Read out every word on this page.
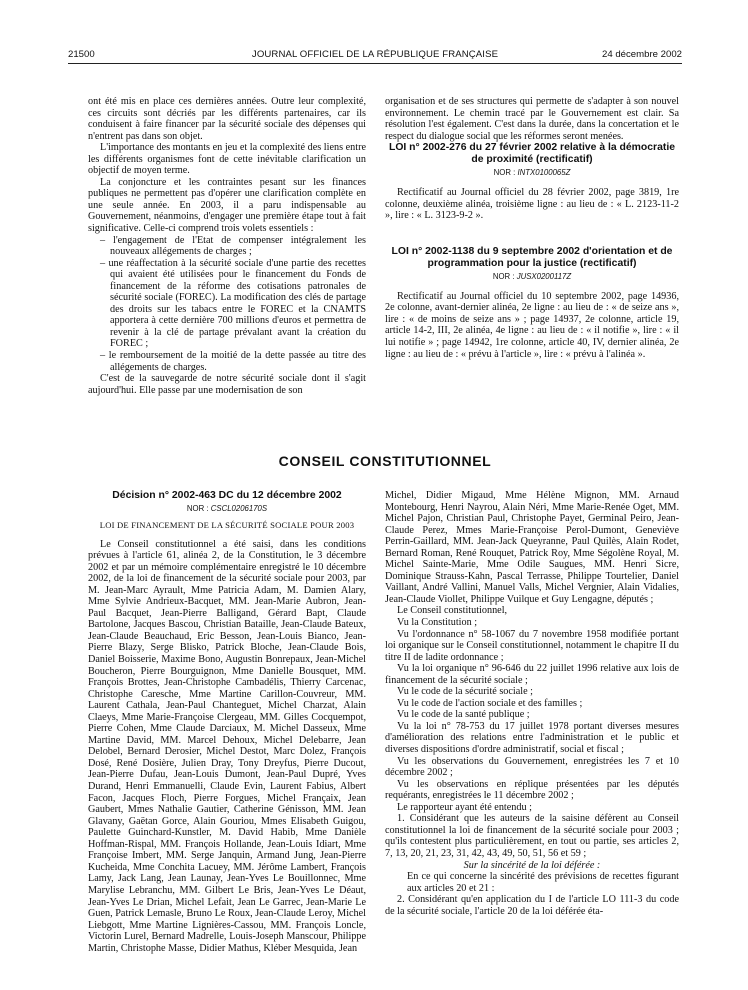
21500	JOURNAL OFFICIEL DE LA RÉPUBLIQUE FRANÇAISE	24 décembre 2002

ont été mis en place ces dernières années. Outre leur complexité, ces circuits sont décriés par les différents partenaires, car ils conduisent à faire financer par la sécurité sociale des dépenses qui n'entrent pas dans son objet.

L'importance des montants en jeu et la complexité des liens entre les différents organismes font de cette inévitable clarification un objectif de moyen terme.

La conjoncture et les contraintes pesant sur les finances publiques ne permettent pas d'opérer une clarification complète en une seule année. En 2003, il a paru indispensable au Gouvernement, néanmoins, d'engager une première étape tout à fait significative. Celle-ci comprend trois volets essentiels :

– l'engagement de l'Etat de compenser intégralement les nouveaux allégements de charges ;

– une réaffectation à la sécurité sociale d'une partie des recettes qui avaient été utilisées pour le financement du Fonds de financement de la réforme des cotisations patronales de sécurité sociale (FOREC). La modification des clés de partage des droits sur les tabacs entre le FOREC et la CNAMTS apportera à cette dernière 700 millions d'euros et permettra de revenir à la clé de partage prévalant avant la création du FOREC ;

– le remboursement de la moitié de la dette passée au titre des allégements de charges.

C'est de la sauvegarde de notre sécurité sociale dont il s'agit aujourd'hui. Elle passe par une modernisation de son

organisation et de ses structures qui permette de s'adapter à son nouvel environnement. Le chemin tracé par le Gouvernement est clair. Sa résolution l'est également. C'est dans la durée, dans la concertation et le respect du dialogue social que les réformes seront menées.

LOI n° 2002-276 du 27 février 2002 relative à la démocratie de proximité (rectificatif)
NOR : INTX0100065Z

Rectificatif au Journal officiel du 28 février 2002, page 3819, 1re colonne, deuxième alinéa, troisième ligne : au lieu de : « L. 2123-11-2 », lire : « L. 3123-9-2 ».

LOI n° 2002-1138 du 9 septembre 2002 d'orientation et de programmation pour la justice (rectificatif)
NOR : JUSX0200117Z

Rectificatif au Journal officiel du 10 septembre 2002, page 14936, 2e colonne, avant-dernier alinéa, 2e ligne : au lieu de : « de seize ans », lire : « de moins de seize ans » ; page 14937, 2e colonne, article 19, article 14-2, III, 2e alinéa, 4e ligne : au lieu de : « il notifie », lire : « il lui notifie » ; page 14942, 1re colonne, article 40, IV, dernier alinéa, 2e ligne : au lieu de : « prévu à l'article », lire : « prévu à l'alinéa ».

CONSEIL CONSTITUTIONNEL
Décision n° 2002-463 DC du 12 décembre 2002
NOR : CSCL0206170S

LOI DE FINANCEMENT DE LA SÉCURITÉ SOCIALE POUR 2003

Le Conseil constitutionnel a été saisi, dans les conditions prévues à l'article 61, alinéa 2, de la Constitution, le 3 décembre 2002 et par un mémoire complémentaire enregistré le 10 décembre 2002, de la loi de financement de la sécurité sociale pour 2003, par M. Jean-Marc Ayrault, Mme Patricia Adam, M. Damien Alary, Mme Sylvie Andrieux-Bacquet, MM. Jean-Marie Aubron, Jean-Paul Bacquet, Jean-Pierre Balligand, Gérard Bapt, Claude Bartolone, Jacques Bascou, Christian Bataille, Jean-Claude Bateux, Jean-Claude Beauchaud, Eric Besson, Jean-Louis Bianco, Jean-Pierre Blazy, Serge Blisko, Patrick Bloche, Jean-Claude Bois, Daniel Boisserie, Maxime Bono, Augustin Bonrepaux, Jean-Michel Boucheron, Pierre Bourguignon, Mme Danielle Bousquet, MM. François Brottes, Jean-Christophe Cambadélis, Thierry Carcenac, Christophe Caresche, Mme Martine Carillon-Couvreur, MM. Laurent Cathala, Jean-Paul Chanteguet, Michel Charzat, Alain Claeys, Mme Marie-Françoise Clergeau, MM. Gilles Cocquempot, Pierre Cohen, Mme Claude Darciaux, M. Michel Dasseux, Mme Martine David, MM. Marcel Dehoux, Michel Delebarre, Jean Delobel, Bernard Derosier, Michel Destot, Marc Dolez, François Dosé, René Dosière, Julien Dray, Tony Dreyfus, Pierre Ducout, Jean-Pierre Dufau, Jean-Louis Dumont, Jean-Paul Dupré, Yves Durand, Henri Emmanuelli, Claude Evin, Laurent Fabius, Albert Facon, Jacques Floch, Pierre Forgues, Michel Françaix, Jean Gaubert, Mmes Nathalie Gautier, Catherine Génisson, MM. Jean Glavany, Gaëtan Gorce, Alain Gouriou, Mmes Elisabeth Guigou, Paulette Guinchard-Kunstler, M. David Habib, Mme Danièle Hoffman-Rispal, MM. François Hollande, Jean-Louis Idiart, Mme Françoise Imbert, MM. Serge Janquin, Armand Jung, Jean-Pierre Kucheida, Mme Conchita Lacuey, MM. Jérôme Lambert, François Lamy, Jack Lang, Jean Launay, Jean-Yves Le Bouillonnec, Mme Marylise Lebranchu, MM. Gilbert Le Bris, Jean-Yves Le Déaut, Jean-Yves Le Drian, Michel Lefait, Jean Le Garrec, Jean-Marie Le Guen, Patrick Lemasle, Bruno Le Roux, Jean-Claude Leroy, Michel Liebgott, Mme Martine Lignières-Cassou, MM. François Loncle, Victorin Lurel, Bernard Madrelle, Louis-Joseph Manscour, Philippe Martin, Christophe Masse, Didier Mathus, Kléber Mesquida, Jean

Michel, Didier Migaud, Mme Hélène Mignon, MM. Arnaud Montebourg, Henri Nayrou, Alain Néri, Mme Marie-Renée Oget, MM. Michel Pajon, Christian Paul, Christophe Payet, Germinal Peiro, Jean-Claude Perez, Mmes Marie-Françoise Perol-Dumont, Geneviève Perrin-Gaillard, MM. Jean-Jack Queyranne, Paul Quilès, Alain Rodet, Bernard Roman, René Rouquet, Patrick Roy, Mme Ségolène Royal, M. Michel Sainte-Marie, Mme Odile Saugues, MM. Henri Sicre, Dominique Strauss-Kahn, Pascal Terrasse, Philippe Tourtelier, Daniel Vaillant, André Vallini, Manuel Valls, Michel Vergnier, Alain Vidalies, Jean-Claude Viollet, Philippe Vuilque et Guy Lengagne, députés ;

Le Conseil constitutionnel,

Vu la Constitution ;

Vu l'ordonnance n° 58-1067 du 7 novembre 1958 modifiée portant loi organique sur le Conseil constitutionnel, notamment le chapitre II du titre II de ladite ordonnance ;

Vu la loi organique n° 96-646 du 22 juillet 1996 relative aux lois de financement de la sécurité sociale ;

Vu le code de la sécurité sociale ;

Vu le code de l'action sociale et des familles ;

Vu le code de la santé publique ;

Vu la loi n° 78-753 du 17 juillet 1978 portant diverses mesures d'amélioration des relations entre l'administration et le public et diverses dispositions d'ordre administratif, social et fiscal ;

Vu les observations du Gouvernement, enregistrées les 7 et 10 décembre 2002 ;

Vu les observations en réplique présentées par les députés requérants, enregistrées le 11 décembre 2002 ;

Le rapporteur ayant été entendu ;

1. Considérant que les auteurs de la saisine défèrent au Conseil constitutionnel la loi de financement de la sécurité sociale pour 2003 ; qu'ils contestent plus particulièrement, en tout ou partie, ses articles 2, 7, 13, 20, 21, 23, 31, 42, 43, 49, 50, 51, 56 et 59 ;

Sur la sincérité de la loi déférée :

En ce qui concerne la sincérité des prévisions de recettes figurant aux articles 20 et 21 :

2. Considérant qu'en application du I de l'article LO 111-3 du code de la sécurité sociale, l'article 20 de la loi déférée éta-
